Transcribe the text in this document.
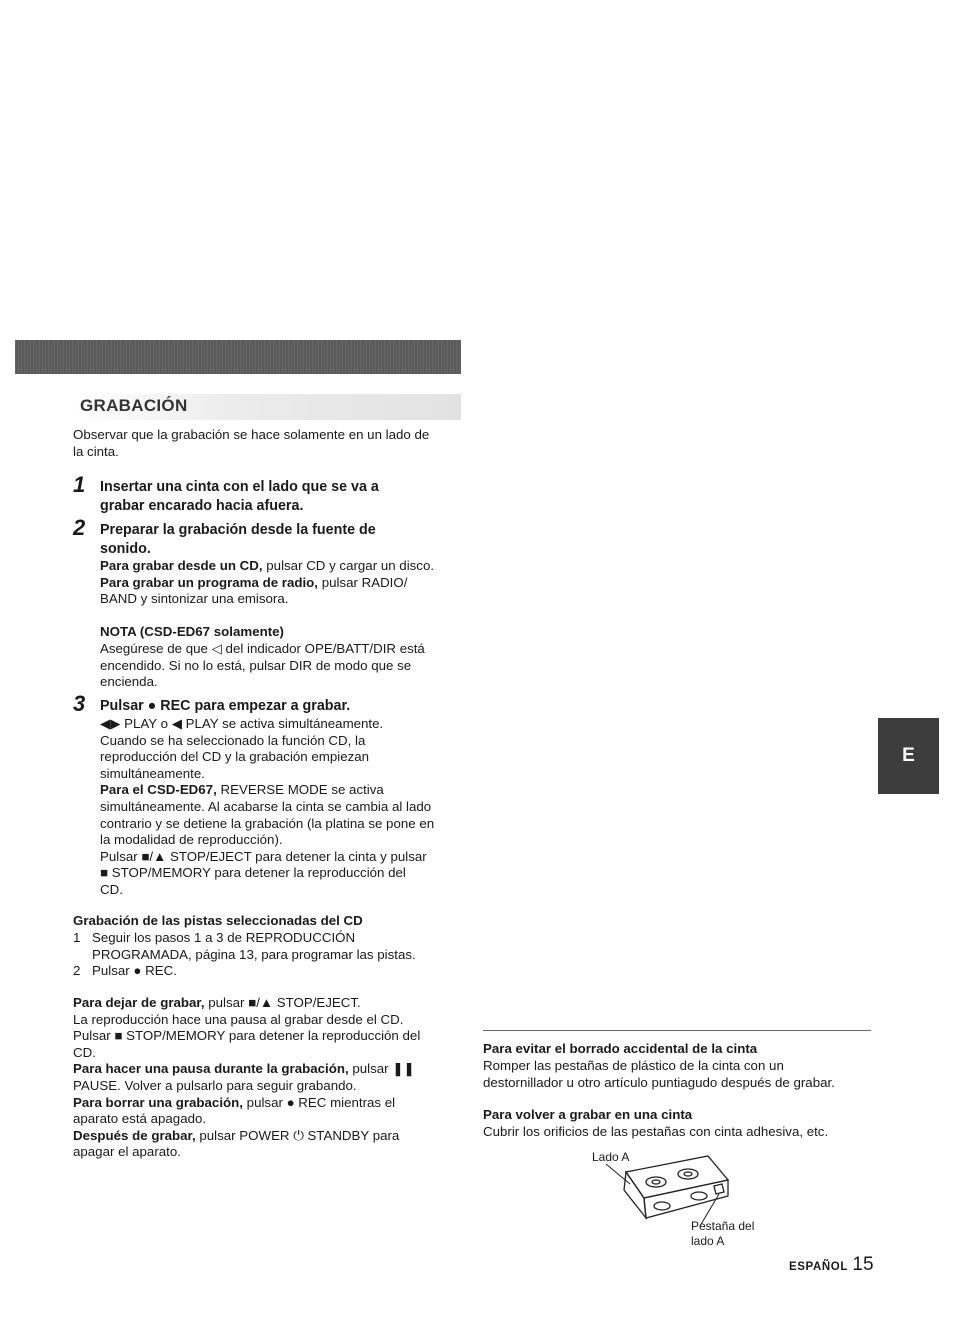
GRABACIÓN
Observar que la grabación se hace solamente en un lado de
la cinta.
1 Insertar una cinta con el lado que se va a
grabar encarado hacia afuera.
2 Preparar la grabación desde la fuente de
sonido.
Para grabar desde un CD, pulsar CD y cargar un disco.
Para grabar un programa de radio, pulsar RADIO/
BAND y sintonizar una emisora.
NOTA (CSD-ED67 solamente)
Asegúrese de que ◁ del indicador OPE/BATT/DIR está
encendido. Si no lo está, pulsar DIR de modo que se
encienda.
3 Pulsar ● REC para empezar a grabar.
◀▶ PLAY o ◀ PLAY se activa simultáneamente.
Cuando se ha seleccionado la función CD, la
reproducción del CD y la grabación empiezan
simultáneamente.
Para el CSD-ED67, REVERSE MODE se activa
simultáneamente. Al acabarse la cinta se cambia al lado
contrario y se detiene la grabación (la platina se pone en
la modalidad de reproducción).
Pulsar ■/▲ STOP/EJECT para detener la cinta y pulsar
■ STOP/MEMORY para detener la reproducción del
CD.
Grabación de las pistas seleccionadas del CD
1 Seguir los pasos 1 a 3 de REPRODUCCIÓN
PROGRAMADA, página 13, para programar las pistas.
2 Pulsar ● REC.
Para dejar de grabar, pulsar ■/▲ STOP/EJECT.
La reproducción hace una pausa al grabar desde el CD.
Pulsar ■ STOP/MEMORY para detener la reproducción del
CD.
Para hacer una pausa durante la grabación, pulsar ❚❚
PAUSE. Volver a pulsarlo para seguir grabando.
Para borrar una grabación, pulsar ● REC mientras el
aparato está apagado.
Después de grabar, pulsar POWER ⏻ STANDBY para
apagar el aparato.
E
Para evitar el borrado accidental de la cinta
Romper las pestañas de plástico de la cinta con un
destornillador u otro artículo puntiagudo después de grabar.
Para volver a grabar en una cinta
Cubrir los orificios de las pestañas con cinta adhesiva, etc.
Lado A
Pestaña del
lado A
ESPAÑOL 15
